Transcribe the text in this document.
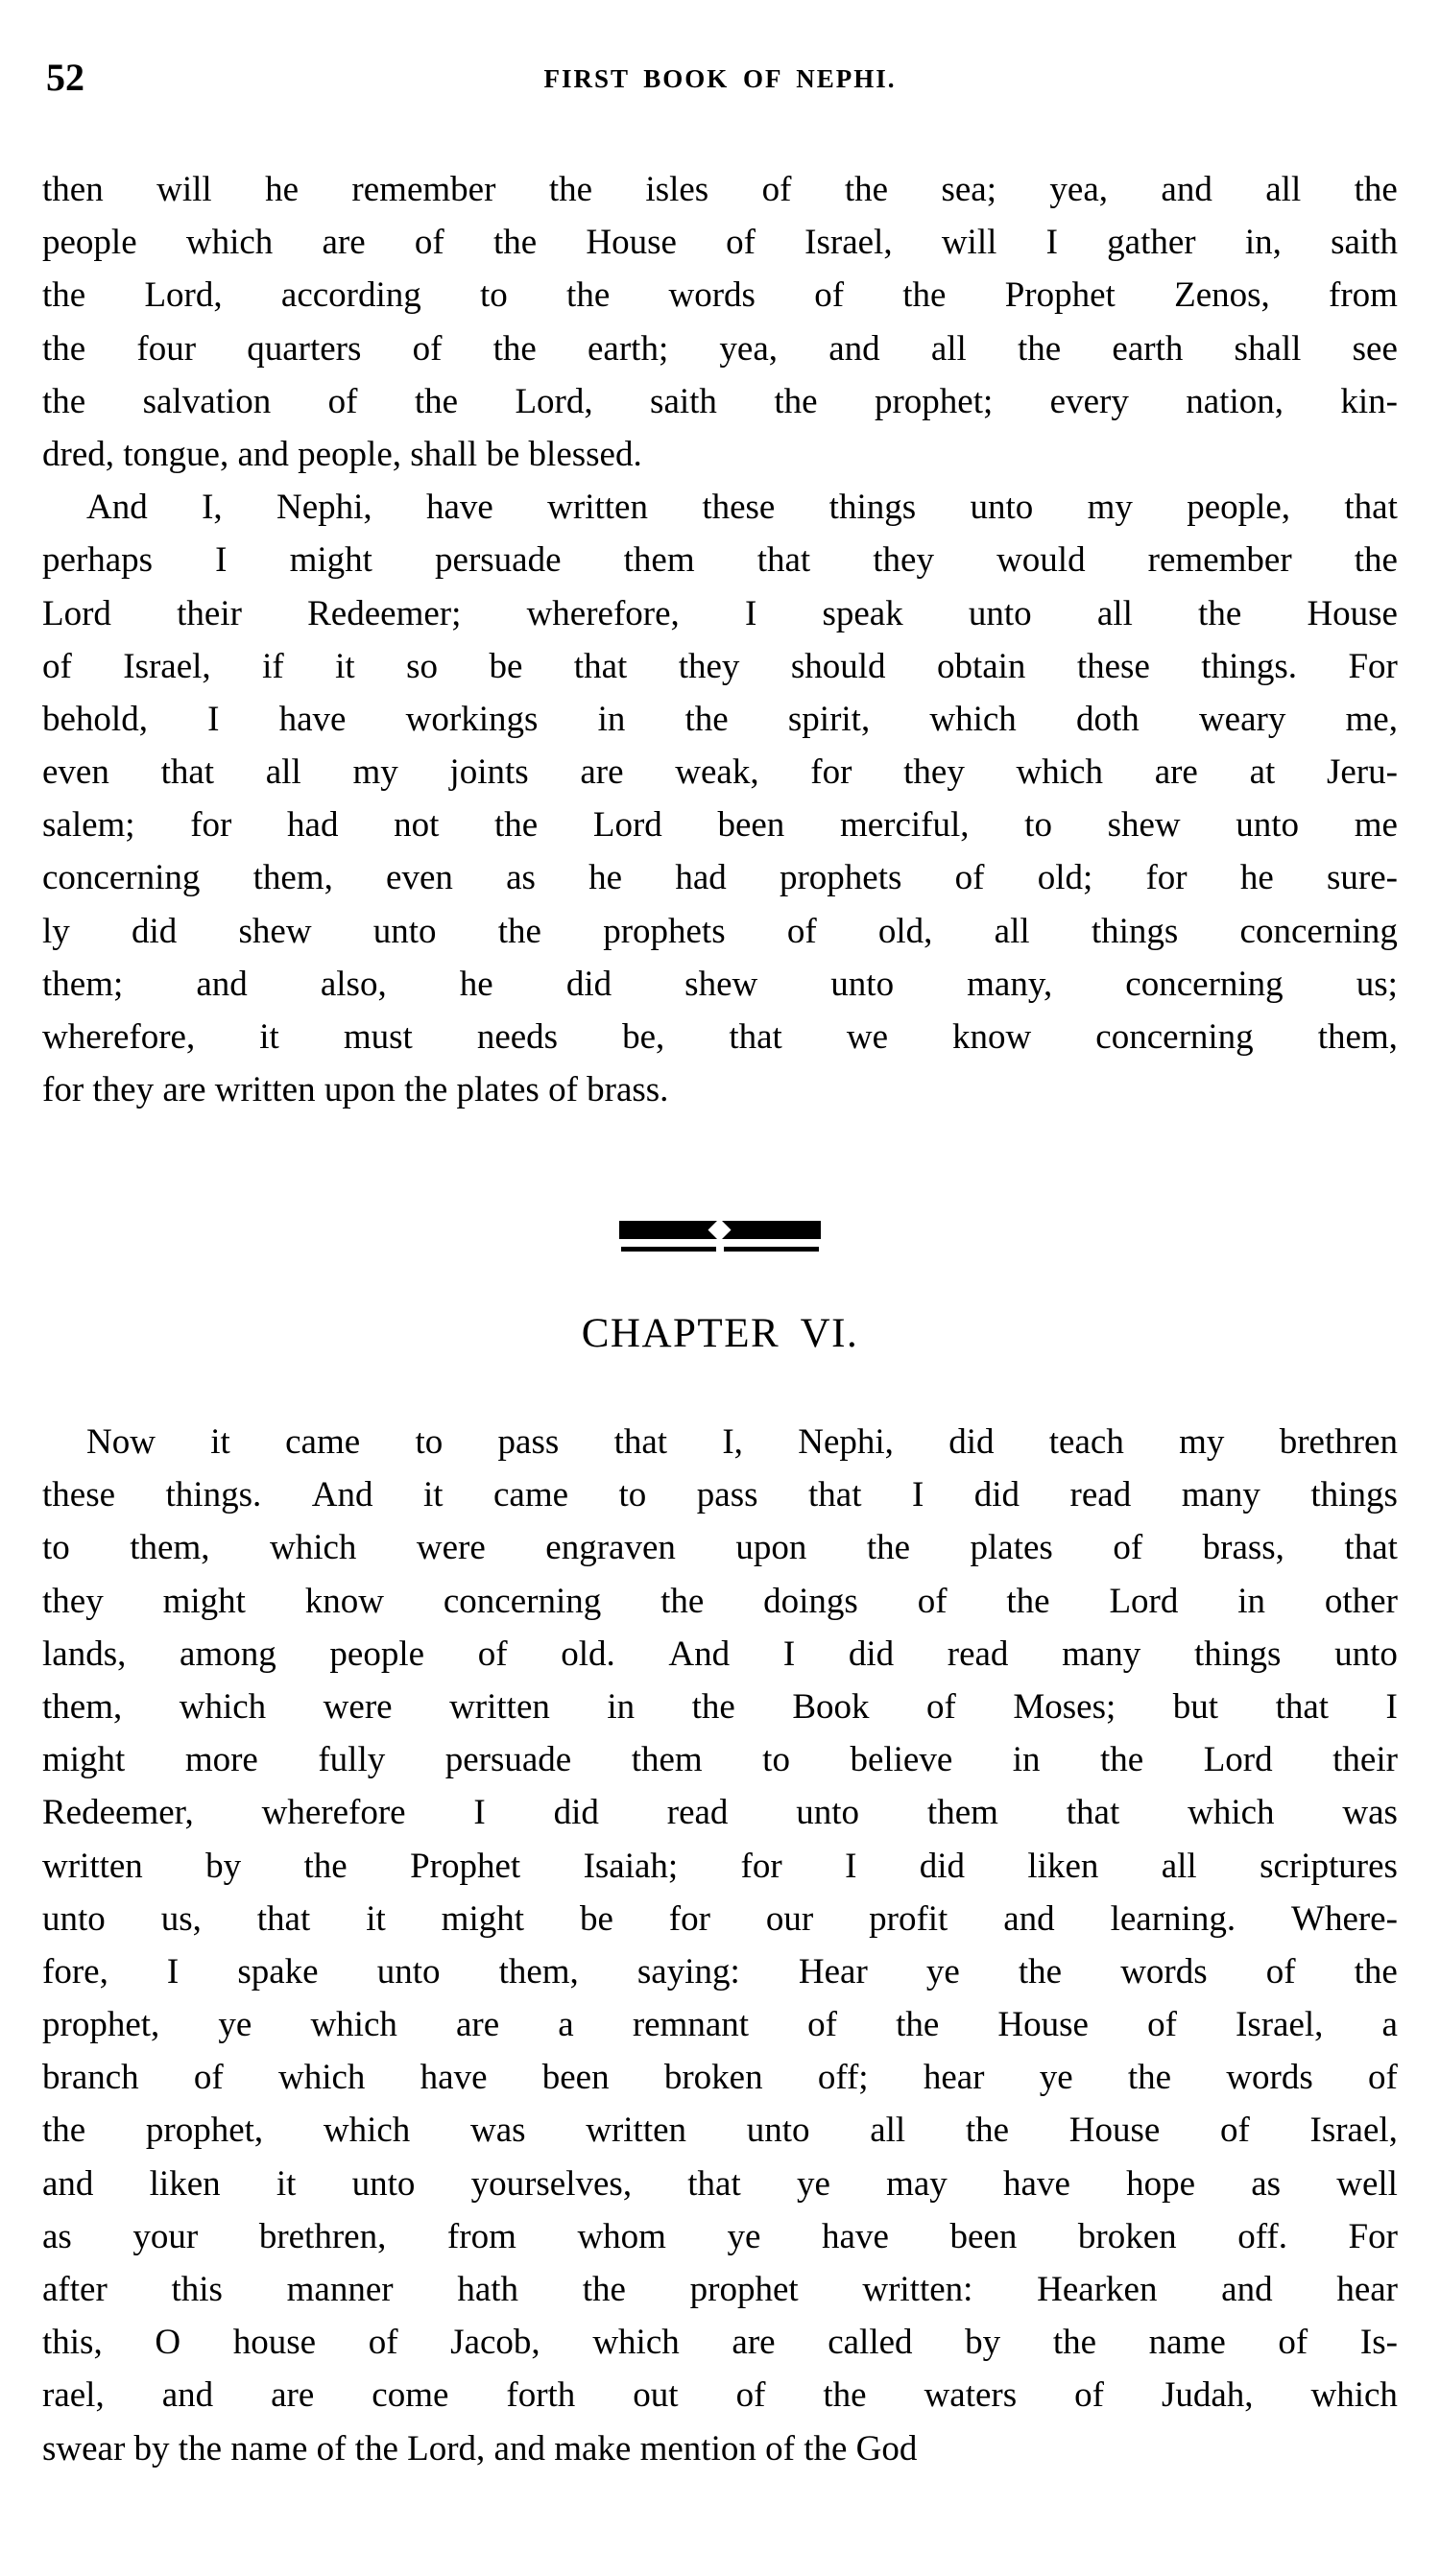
52	FIRST BOOK OF NEPHI.
then will he remember the isles of the sea; yea, and all the
people which are of the House of Israel, will I gather in, saith
the Lord, according to the words of the Prophet Zenos, from
the four quarters of the earth; yea, and all the earth shall see
the salvation of the Lord, saith the prophet; every nation, kin-
dred, tongue, and people, shall be blessed.
And I, Nephi, have written these things unto my people, that
perhaps I might persuade them that they would remember the
Lord their Redeemer; wherefore, I speak unto all the House
of Israel, if it so be that they should obtain these things. For
behold, I have workings in the spirit, which doth weary me,
even that all my joints are weak, for they which are at Jeru-
salem; for had not the Lord been merciful, to shew unto me
concerning them, even as he had prophets of old; for he sure-
ly did shew unto the prophets of old, all things concerning
them; and also, he did shew unto many, concerning us;
wherefore, it must needs be, that we know concerning them,
for they are written upon the plates of brass.
CHAPTER VI.
Now it came to pass that I, Nephi, did teach my brethren
these things. And it came to pass that I did read many things
to them, which were engraven upon the plates of brass, that
they might know concerning the doings of the Lord in other
lands, among people of old. And I did read many things unto
them, which were written in the Book of Moses; but that I
might more fully persuade them to believe in the Lord their
Redeemer, wherefore I did read unto them that which was
written by the Prophet Isaiah; for I did liken all scriptures
unto us, that it might be for our profit and learning. Where-
fore, I spake unto them, saying: Hear ye the words of the
prophet, ye which are a remnant of the House of Israel, a
branch of which have been broken off; hear ye the words of
the prophet, which was written unto all the House of Israel,
and liken it unto yourselves, that ye may have hope as well
as your brethren, from whom ye have been broken off. For
after this manner hath the prophet written: Hearken and hear
this, O house of Jacob, which are called by the name of Is-
rael, and are come forth out of the waters of Judah, which
swear by the name of the Lord, and make mention of the God
